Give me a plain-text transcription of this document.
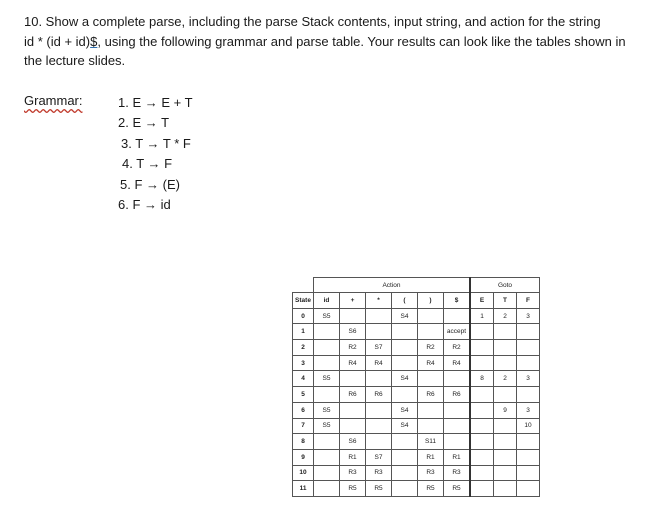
10. Show a complete parse, including the parse Stack contents, input string, and action for the string
id * (id + id)$, using the following grammar and parse table. Your results can look like the tables shown in
the lecture slides.
Grammar:	1. E → E + T
2. E → T
3. T → T * F
4. T → F
5. F → (E)
6. F → id
	Action						Goto		
State	id	+	*	(	)	$	E	T	F
0	S5			S4			1	2	3
1		S6				accept			
2		R2	S7		R2	R2			
3		R4	R4		R4	R4			
4	S5			S4			8	2	3
5		R6	R6		R6	R6			
6	S5			S4				9	3
7	S5			S4					10
8		S6			S11				
9		R1	S7		R1	R1			
10		R3	R3		R3	R3			
11		R5	R5		R5	R5			
